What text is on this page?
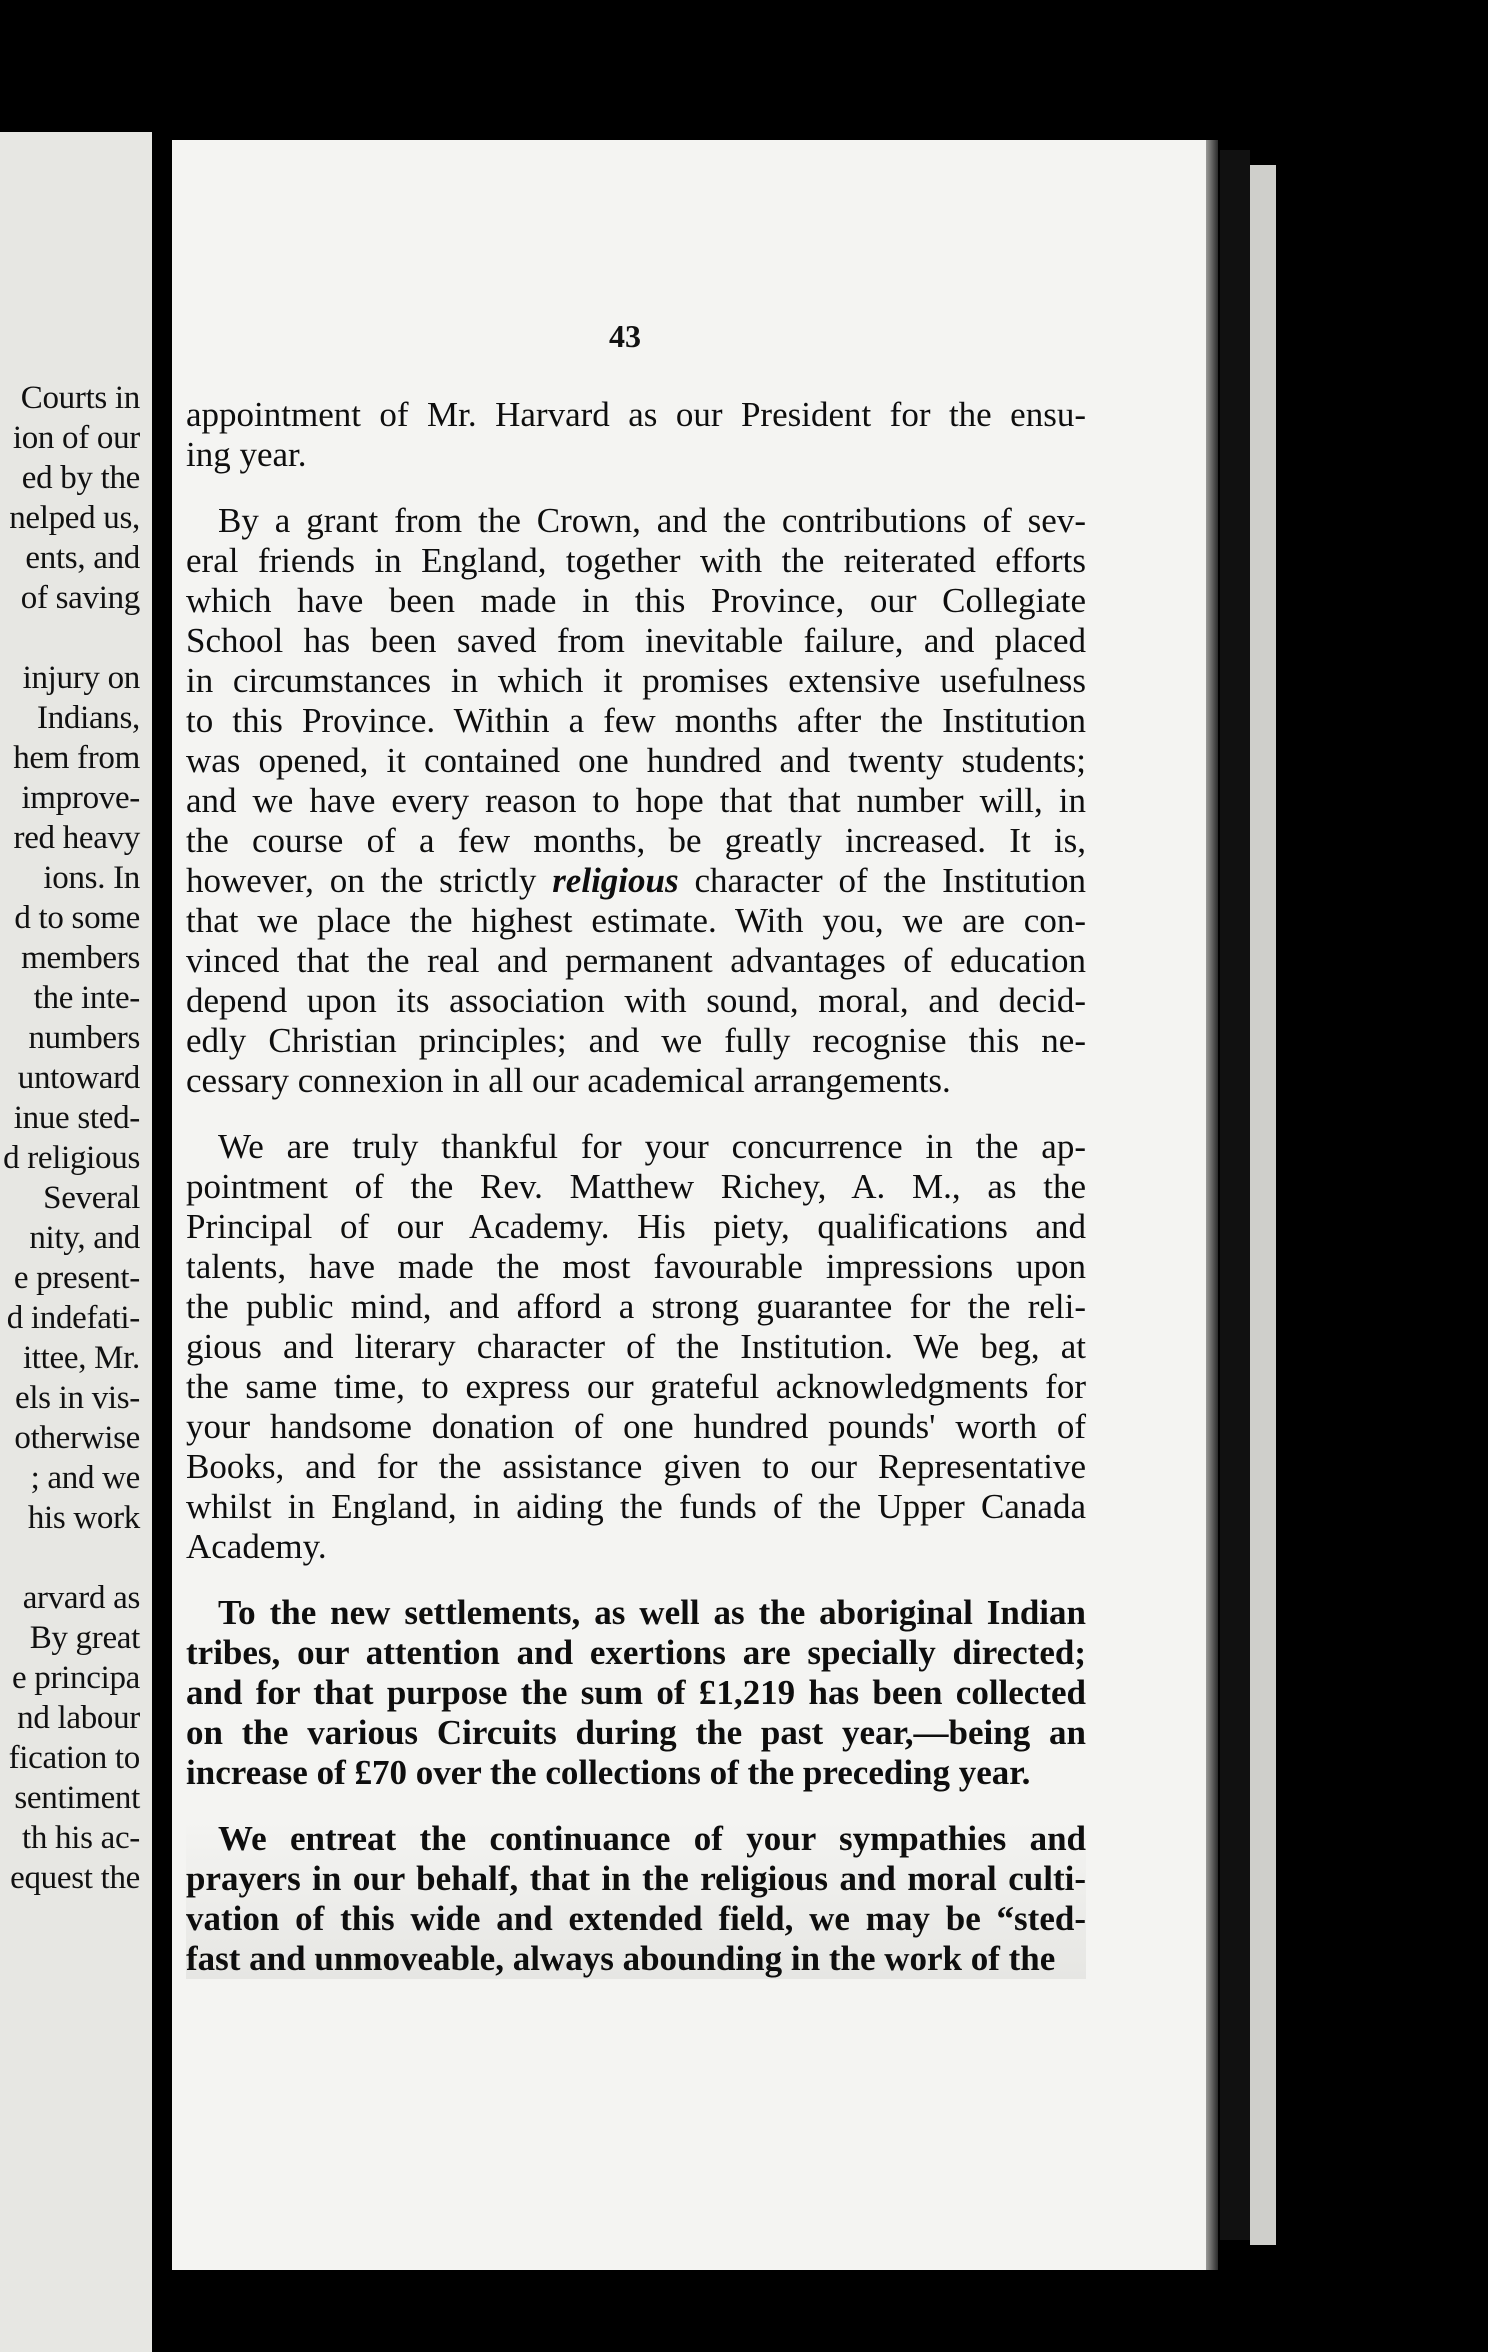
Courts in
ion of our
ed by the
nelped us,
ents, and
of saving

injury on
Indians,
hem from
improve-
red heavy
ions. In
d to some
members
the inte-
numbers
untoward
inue sted-
d religious
Several
nity, and
e present-
d indefati-
ittee, Mr.
els in vis-
otherwise
; and we
his work

arvard as
By great
e principa
nd labour
fication to
sentiment
th his ac-
equest the
43
appointment of Mr. Harvard as our President for the ensu-
ing year.
By a grant from the Crown, and the contributions of sev-
eral friends in England, together with the reiterated efforts
which have been made in this Province, our Collegiate
School has been saved from inevitable failure, and placed
in circumstances in which it promises extensive usefulness
to this Province. Within a few months after the Institution
was opened, it contained one hundred and twenty students;
and we have every reason to hope that that number will, in
the course of a few months, be greatly increased. It is,
however, on the strictly religious character of the Institution
that we place the highest estimate. With you, we are con-
vinced that the real and permanent advantages of education
depend upon its association with sound, moral, and decid-
edly Christian principles; and we fully recognise this ne-
cessary connexion in all our academical arrangements.
We are truly thankful for your concurrence in the ap-
pointment of the Rev. Matthew Richey, A. M., as the
Principal of our Academy. His piety, qualifications and
talents, have made the most favourable impressions upon
the public mind, and afford a strong guarantee for the reli-
gious and literary character of the Institution. We beg, at
the same time, to express our grateful acknowledgments for
your handsome donation of one hundred pounds' worth of
Books, and for the assistance given to our Representative
whilst in England, in aiding the funds of the Upper Canada
Academy.
To the new settlements, as well as the aboriginal Indian
tribes, our attention and exertions are specially directed;
and for that purpose the sum of £1,219 has been collected
on the various Circuits during the past year,—being an
increase of £70 over the collections of the preceding year.
We entreat the continuance of your sympathies and
prayers in our behalf, that in the religious and moral culti-
vation of this wide and extended field, we may be “sted-
fast and unmoveable, always abounding in the work of the
